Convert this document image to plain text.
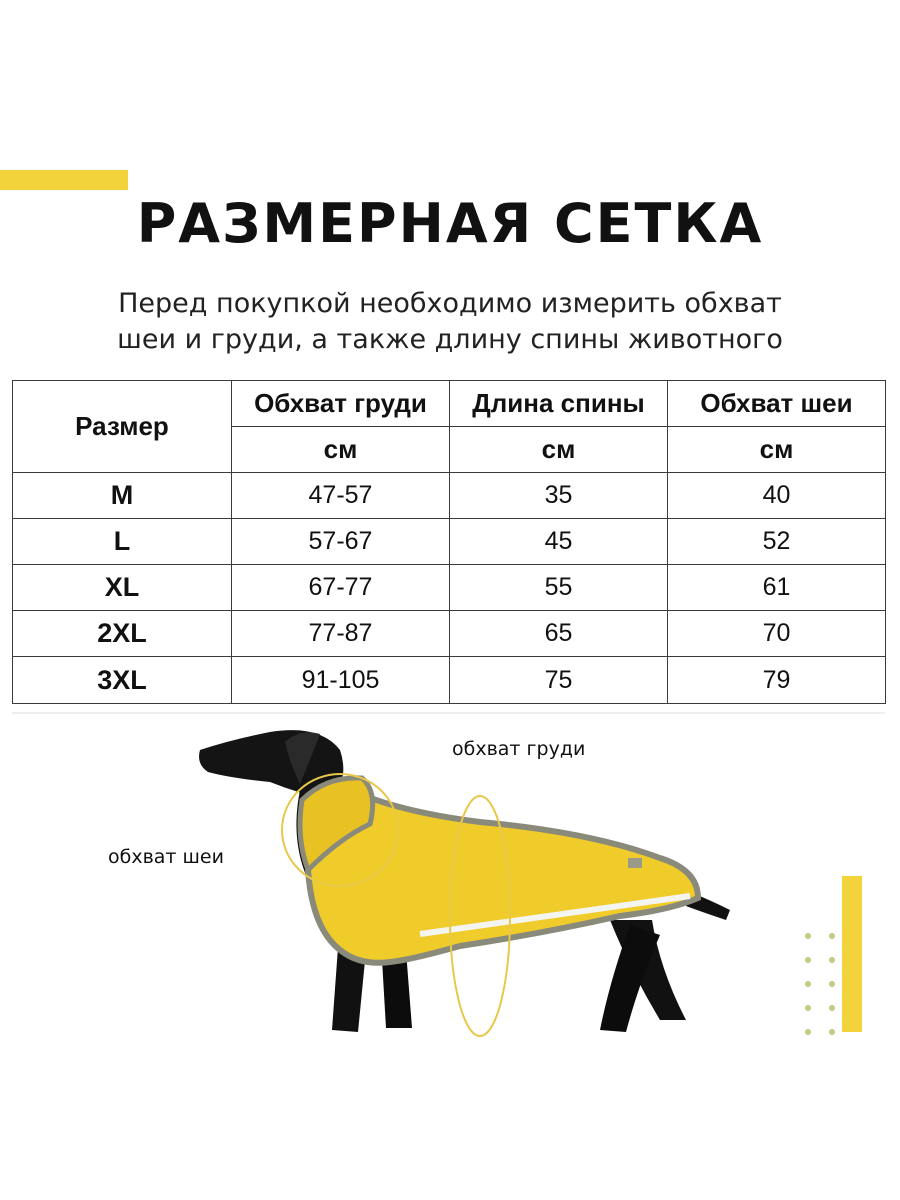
РАЗМЕРНАЯ СЕТКА
Перед покупкой необходимо измерить обхват
шеи и груди, а также длину спины животного
Размер	Обхват груди	Длина спины	Обхват шеи
	см	см	см
M	47-57	35	40
L	57-67	45	52
XL	67-77	55	61
2XL	77-87	65	70
3XL	91-105	75	79
обхват груди
обхват шеи
